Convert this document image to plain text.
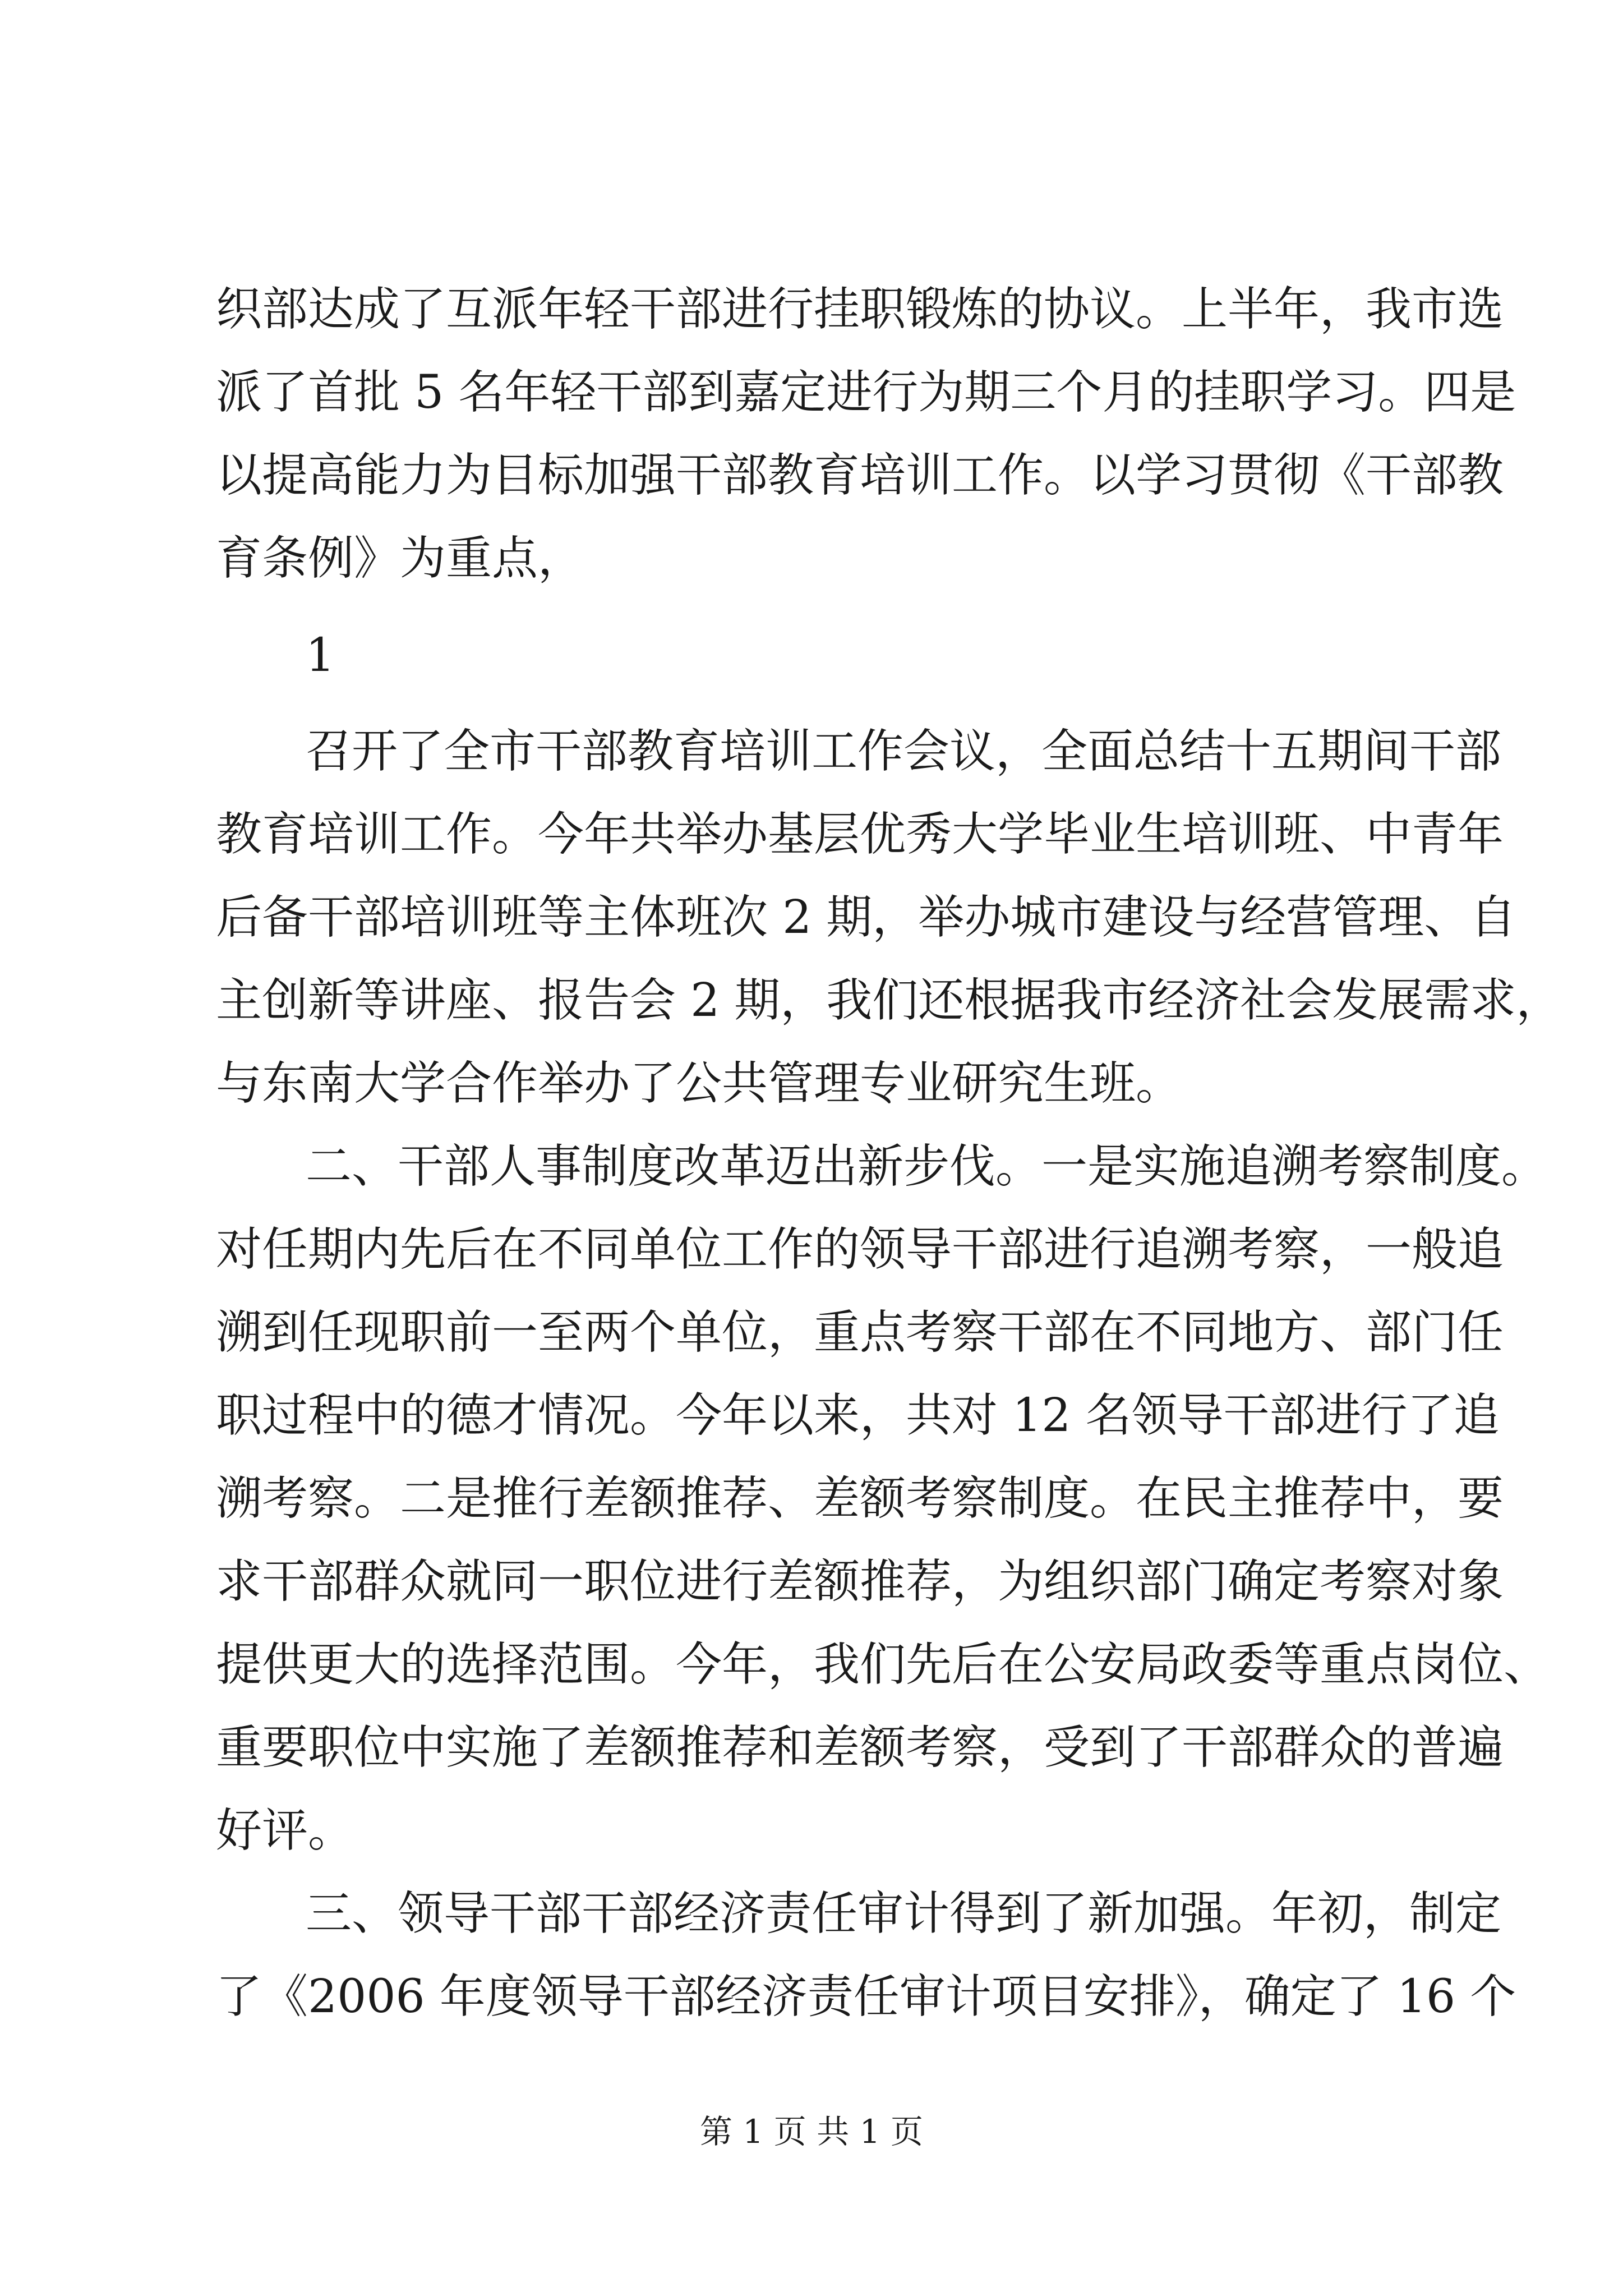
织部达成了互派年轻干部进行挂职锻炼的协议。上半年，我市选
派了首批 5 名年轻干部到嘉定进行为期三个月的挂职学习。四是
以提高能力为目标加强干部教育培训工作。以学习贯彻《干部教
育条例》为重点，
1
召开了全市干部教育培训工作会议，全面总结十五期间干部
教育培训工作。今年共举办基层优秀大学毕业生培训班、中青年
后备干部培训班等主体班次 2 期，举办城市建设与经营管理、自
主创新等讲座、报告会 2 期，我们还根据我市经济社会发展需求，
与东南大学合作举办了公共管理专业研究生班。
二、干部人事制度改革迈出新步伐。一是实施追溯考察制度。
对任期内先后在不同单位工作的领导干部进行追溯考察，一般追
溯到任现职前一至两个单位，重点考察干部在不同地方、部门任
职过程中的德才情况。今年以来，共对 12 名领导干部进行了追
溯考察。二是推行差额推荐、差额考察制度。在民主推荐中，要
求干部群众就同一职位进行差额推荐，为组织部门确定考察对象
提供更大的选择范围。今年，我们先后在公安局政委等重点岗位、
重要职位中实施了差额推荐和差额考察，受到了干部群众的普遍
好评。
三、领导干部干部经济责任审计得到了新加强。年初，制定
了《2006 年度领导干部经济责任审计项目安排》，确定了 16 个
第 1 页 共 1 页
